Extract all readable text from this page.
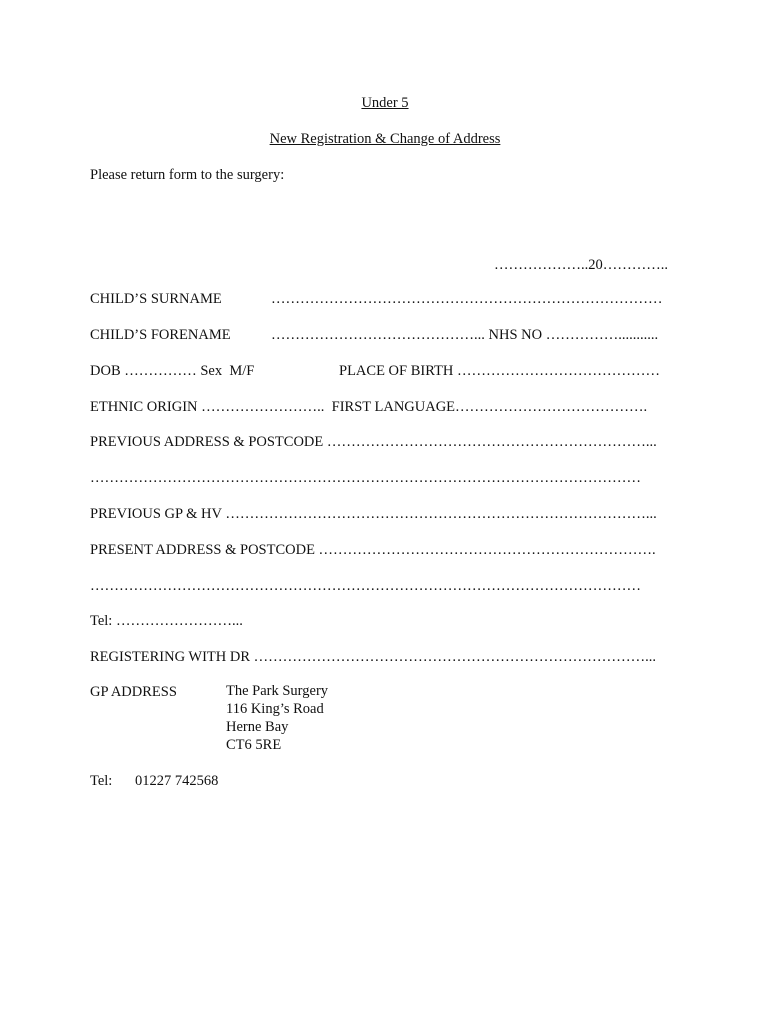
Under 5
New Registration & Change of Address
Please return form to the surgery:
………………..20…………..
CHILD’S SURNAME	………………………………………………………………………
CHILD’S FORENAME	……………………………………... NHS NO ……………...........
DOB …………… Sex  M/F	PLACE OF BIRTH ……………………………………
ETHNIC ORIGIN ……………………..  FIRST LANGUAGE………………………………….
PREVIOUS ADDRESS & POSTCODE …………………………………………………………...
……………………………………………………………………………………………………
PREVIOUS GP & HV ……………………………………………………………………………...
PRESENT ADDRESS & POSTCODE …………………………………………………………….
……………………………………………………………………………………………………
Tel: ……………………...
REGISTERING WITH DR ………………………………………………………………………...
GP ADDRESS	The Park Surgery
116 King’s Road
Herne Bay
CT6 5RE
Tel: 01227 742568
